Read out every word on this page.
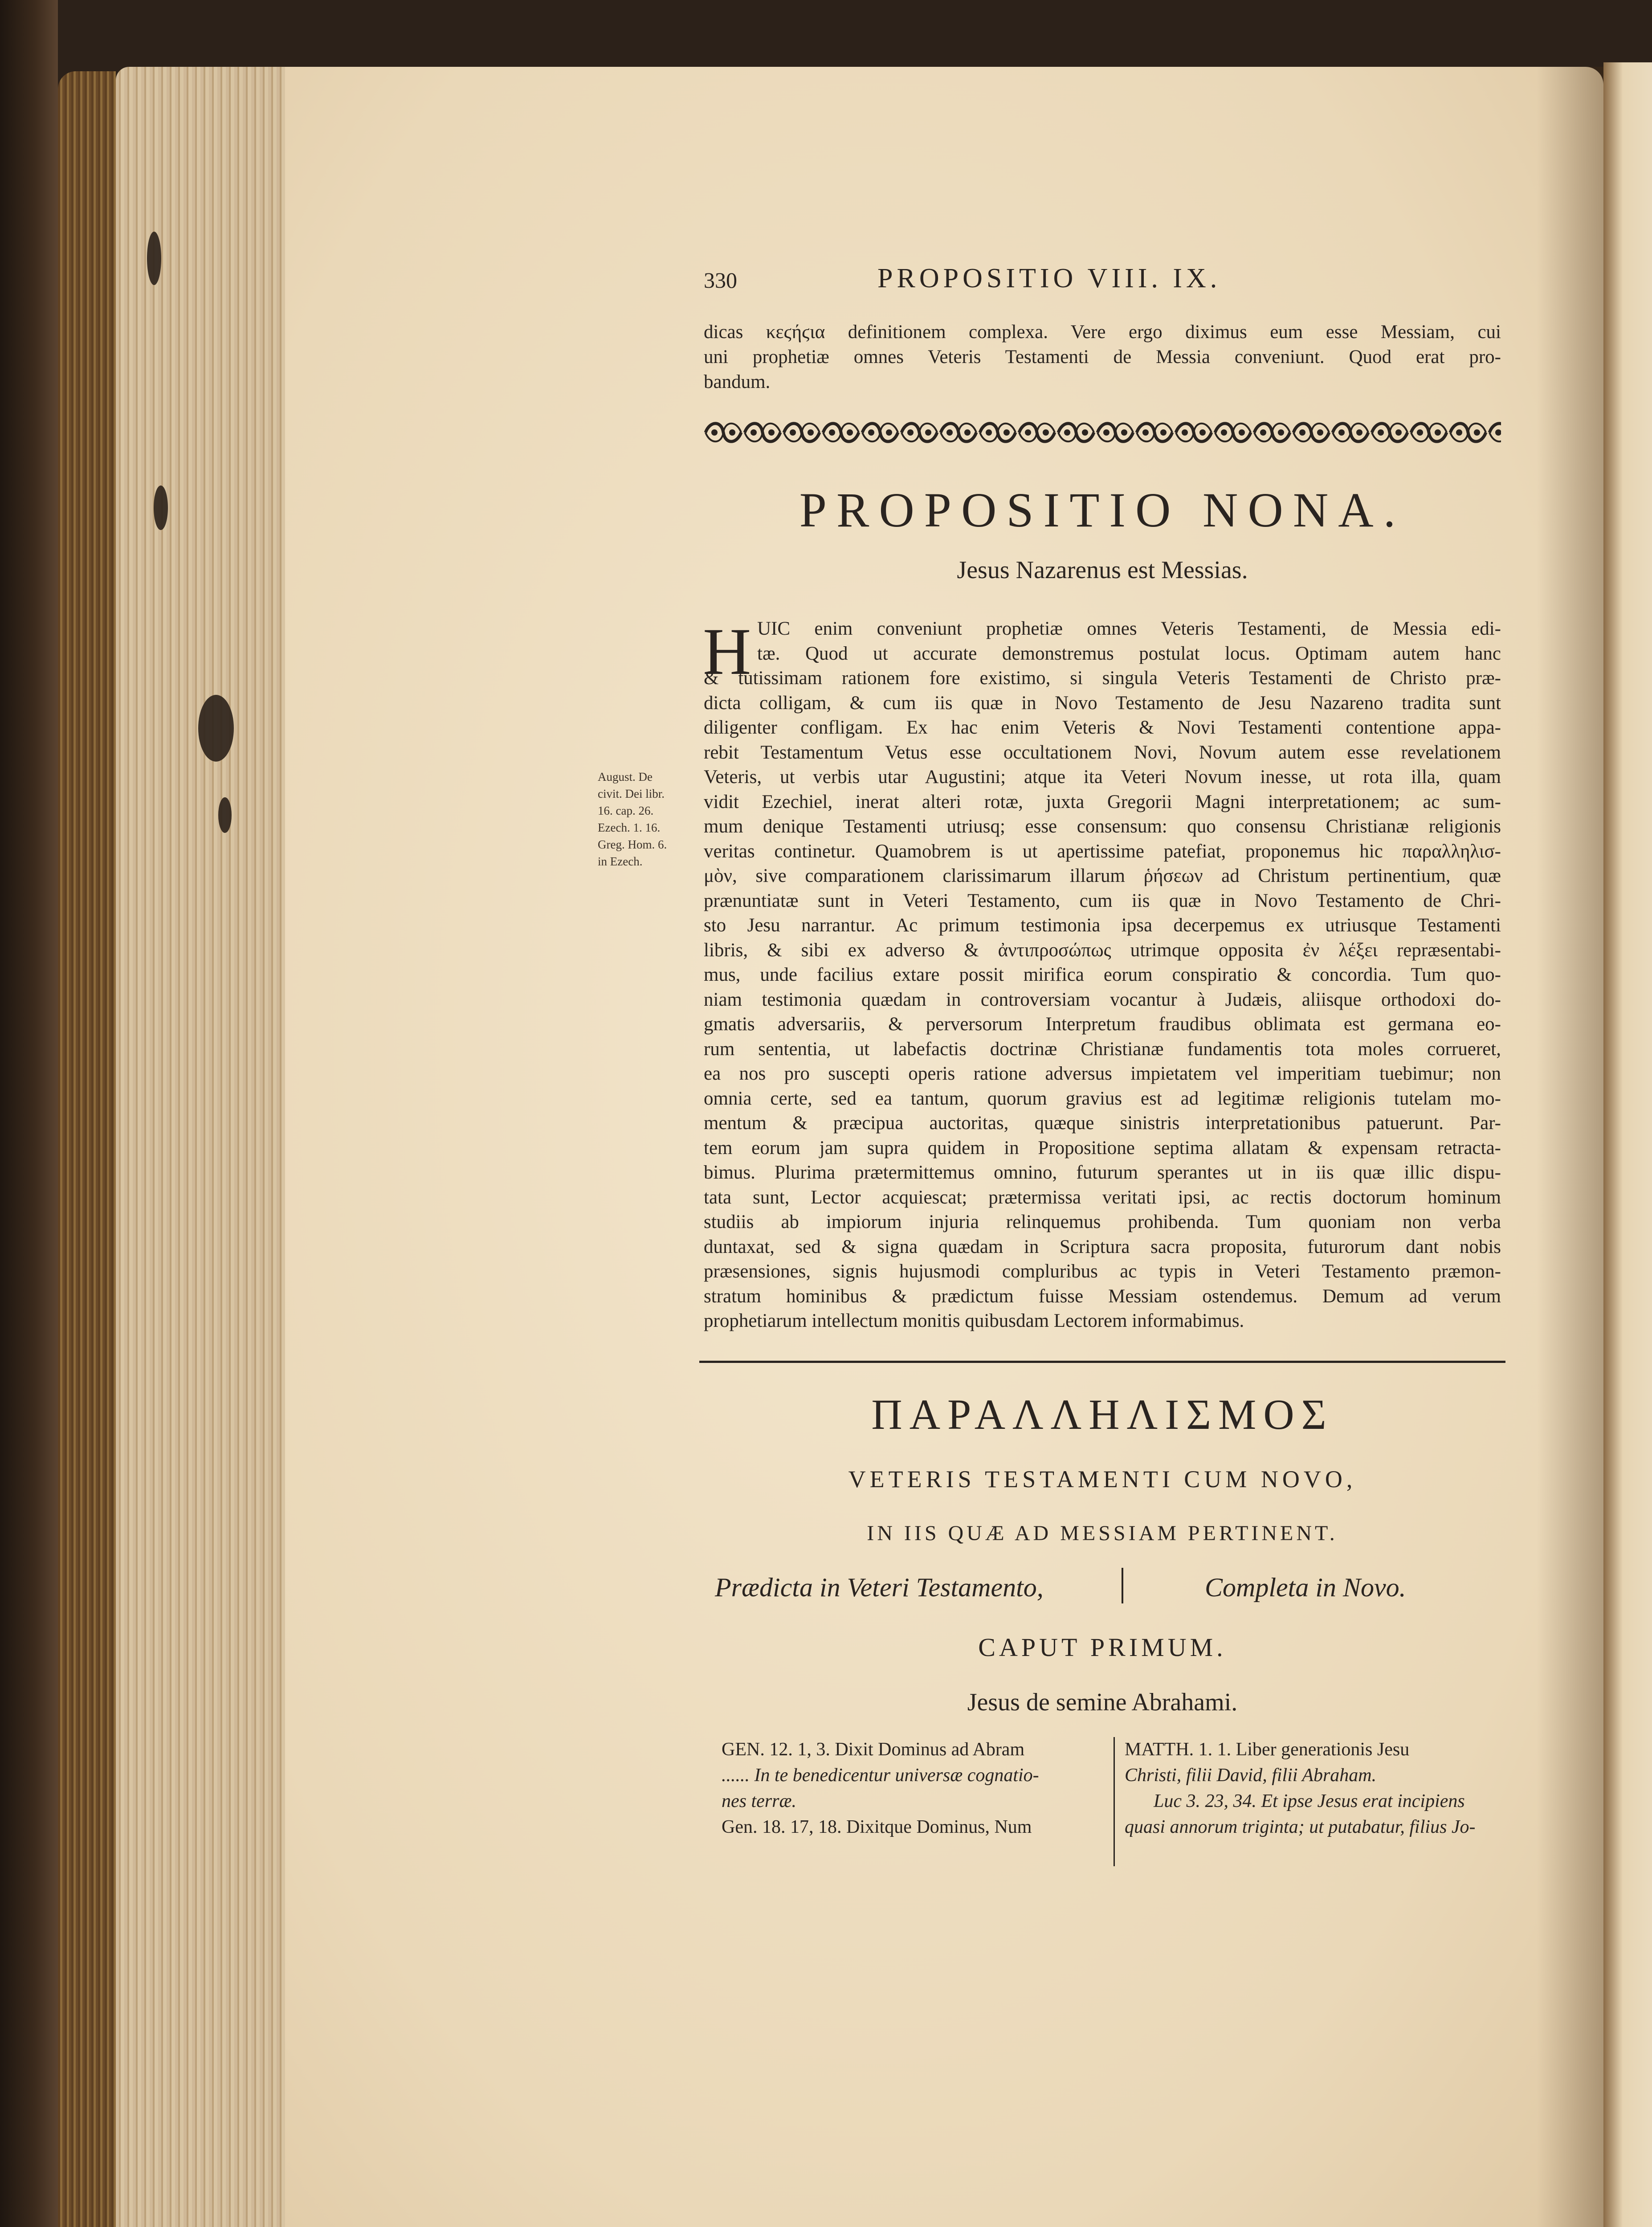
330	PROPOSITIO VIII. IX.
dicas κεϛήϛια definitionem complexa. Vere ergo diximus eum esse Messiam, cui
uni prophetiæ omnes Veteris Testamenti de Messia conveniunt. Quod erat pro-
bandum.
PROPOSITIO NONA.
Jesus Nazarenus est Messias.
H UIC enim conveniunt prophetiæ omnes Veteris Testamenti, de Messia edi-
tæ. Quod ut accurate demonstremus postulat locus. Optimam autem hanc
& tutissimam rationem fore existimo, si singula Veteris Testamenti de Christo præ-
dicta colligam, & cum iis quæ in Novo Testamento de Jesu Nazareno tradita sunt
diligenter confligam. Ex hac enim Veteris & Novi Testamenti contentione appa-
rebit Testamentum Vetus esse occultationem Novi, Novum autem esse revelationem
Veteris, ut verbis utar Augustini; atque ita Veteri Novum inesse, ut rota illa, quam
vidit Ezechiel, inerat alteri rotæ, juxta Gregorii Magni interpretationem; ac sum-
mum denique Testamenti utriusq; esse consensum: quo consensu Christianæ religionis
veritas continetur. Quamobrem is ut apertissime patefiat, proponemus hic παραλληλισ-
μὸν, sive comparationem clarissimarum illarum ῥήσεων ad Christum pertinentium, quæ
prænuntiatæ sunt in Veteri Testamento, cum iis quæ in Novo Testamento de Chri-
sto Jesu narrantur. Ac primum testimonia ipsa decerpemus ex utriusque Testamenti
libris, & sibi ex adverso & ἀντιπροσώπως utrimque opposita ἐν λέξει repræsentabi-
mus, unde facilius extare possit mirifica eorum conspiratio & concordia. Tum quo-
niam testimonia quædam in controversiam vocantur à Judæis, aliisque orthodoxi do-
gmatis adversariis, & perversorum Interpretum fraudibus oblimata est germana eo-
rum sententia, ut labefactis doctrinæ Christianæ fundamentis tota moles corrueret,
ea nos pro suscepti operis ratione adversus impietatem vel imperitiam tuebimur; non
omnia certe, sed ea tantum, quorum gravius est ad legitimæ religionis tutelam mo-
mentum & præcipua auctoritas, quæque sinistris interpretationibus patuerunt. Par-
tem eorum jam supra quidem in Propositione septima allatam & expensam retracta-
bimus. Plurima prætermittemus omnino, futurum sperantes ut in iis quæ illic dispu-
tata sunt, Lector acquiescat; prætermissa veritati ipsi, ac rectis doctorum hominum
studiis ab impiorum injuria relinquemus prohibenda. Tum quoniam non verba
duntaxat, sed & signa quædam in Scriptura sacra proposita, futurorum dant nobis
præsensiones, signis hujusmodi compluribus ac typis in Veteri Testamento præmon-
stratum hominibus & prædictum fuisse Messiam ostendemus. Demum ad verum
prophetiarum intellectum monitis quibusdam Lectorem informabimus.
August. De
civit. Dei libr.
16. cap. 26.
Ezech. 1. 16.
Greg. Hom. 6.
in Ezech.
ΠΑΡΑΛΛΗΛΙΣΜΟΣ
VETERIS TESTAMENTI CUM NOVO,
IN IIS QUÆ AD MESSIAM PERTINENT.
Prædicta in Veteri Testamento,	Completa in Novo.
CAPUT PRIMUM.
Jesus de semine Abrahami.
GEN. 12. 1, 3. Dixit Dominus ad Abram
...... In te benedicentur universæ cognatio-
nes terræ.
Gen. 18. 17, 18. Dixitque Dominus, Num
MATTH. 1. 1. Liber generationis Jesu
Christi, filii David, filii Abraham.
Luc 3. 23, 34. Et ipse Jesus erat incipiens
quasi annorum triginta; ut putabatur, filius Jo-
